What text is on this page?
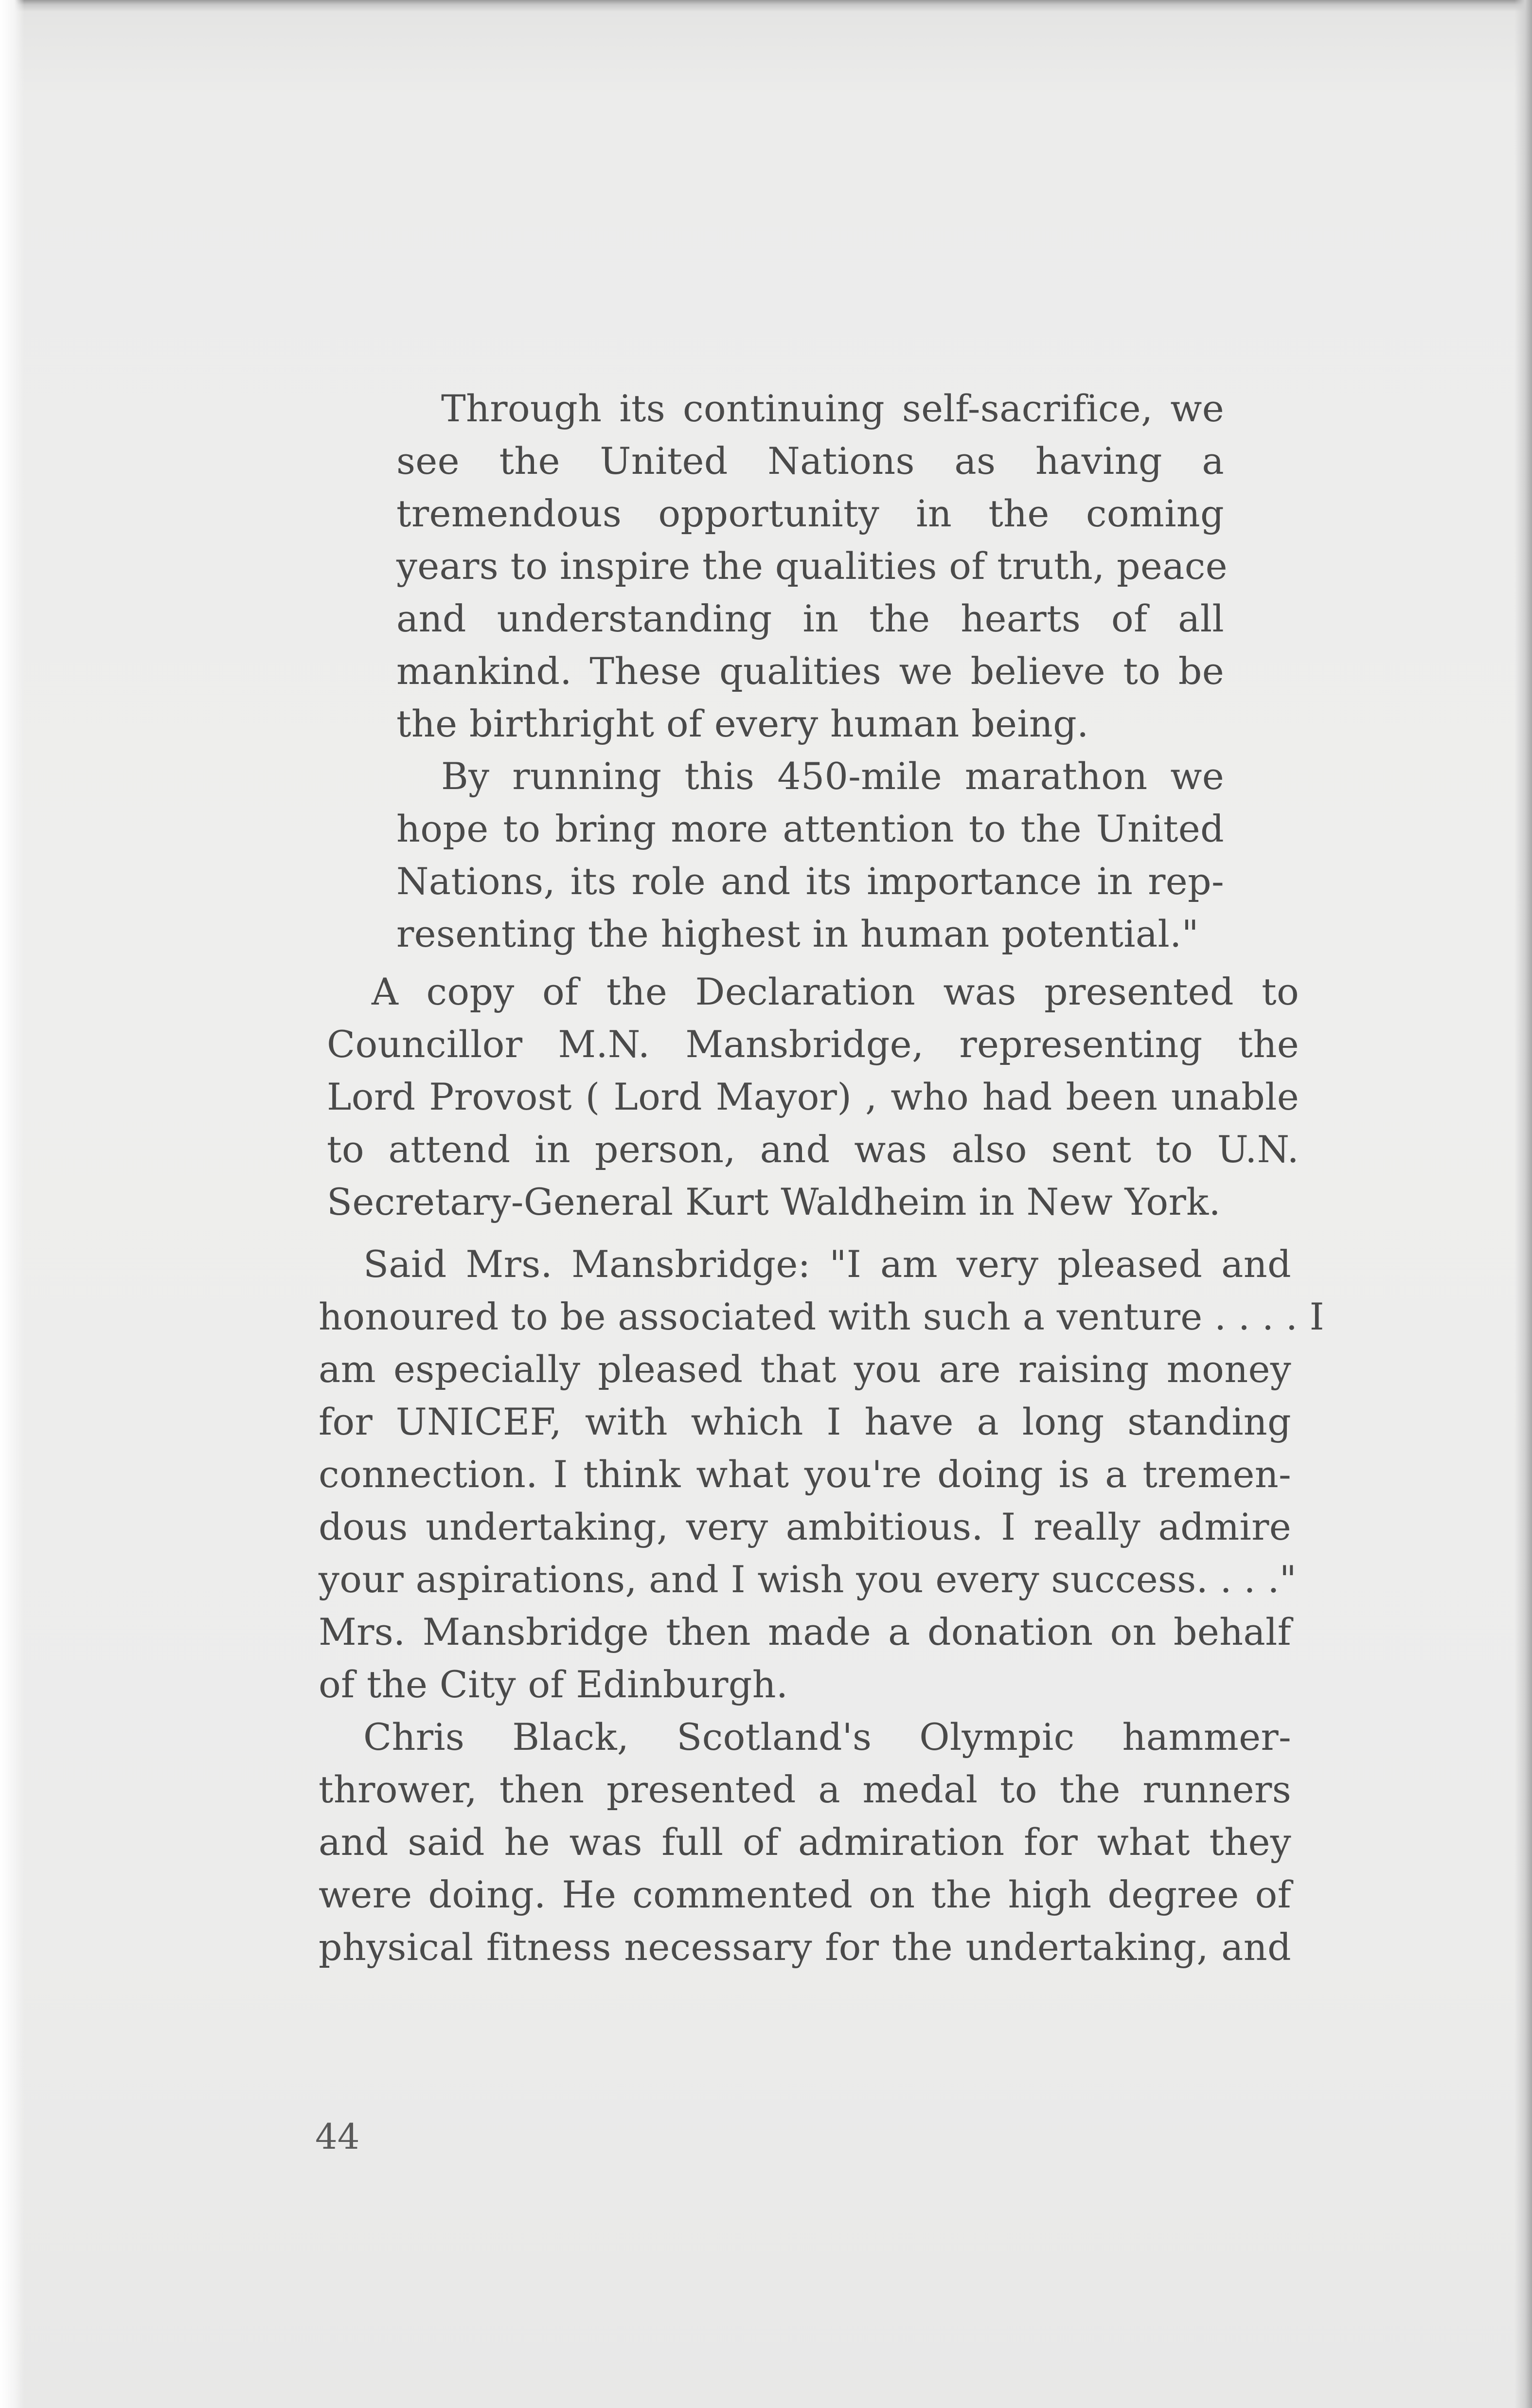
Through its continuing self-sacrifice, we
see the United Nations as having a
tremendous opportunity in the coming
years to inspire the qualities of truth, peace
and understanding in the hearts of all
mankind. These qualities we believe to be
the birthright of every human being.
By running this 450-mile marathon we
hope to bring more attention to the United
Nations, its role and its importance in rep-
resenting the highest in human potential."
A copy of the Declaration was presented to
Councillor M.N. Mansbridge, representing the
Lord Provost ( Lord Mayor) , who had been unable
to attend in person, and was also sent to U.N.
Secretary-General Kurt Waldheim in New York.
Said Mrs. Mansbridge: "I am very pleased and
honoured to be associated with such a venture . . . . I
am especially pleased that you are raising money
for UNICEF, with which I have a long standing
connection. I think what you're doing is a tremen-
dous undertaking, very ambitious. I really admire
your aspirations, and I wish you every success. . . ."
Mrs. Mansbridge then made a donation on behalf
of the City of Edinburgh.
Chris Black, Scotland's Olympic hammer-
thrower, then presented a medal to the runners
and said he was full of admiration for what they
were doing. He commented on the high degree of
physical fitness necessary for the undertaking, and
44
